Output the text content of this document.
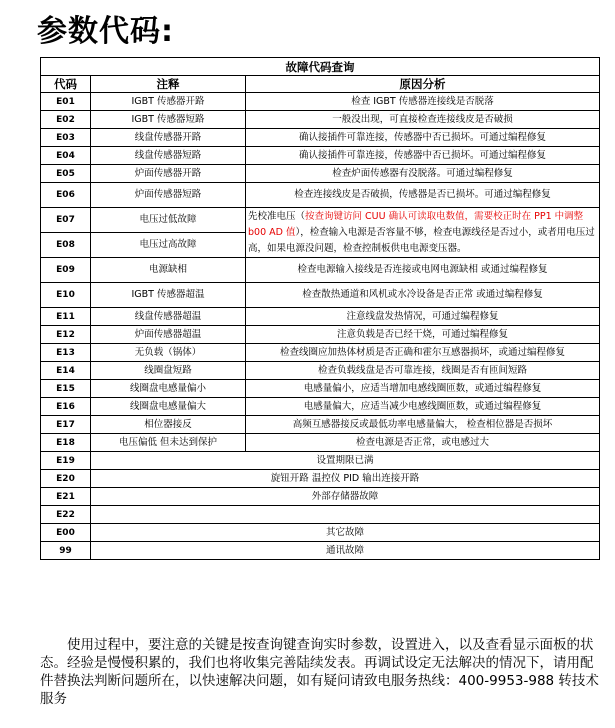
参数代码:
故障代码查询		
代码	注释	原因分析
E01	IGBT 传感器开路	检查 IGBT 传感器连接线是否脱落
E02	IGBT 传感器短路	一般没出现，可直接检查连接线皮是否破损
E03	线盘传感器开路	确认接插件可靠连接，传感器中否已损坏。可通过编程修复
E04	线盘传感器短路	确认接插件可靠连接，传感器中否已损坏。可通过编程修复
E05	炉面传感器开路	检查炉面传感器有没脱落。可通过编程修复
E06	炉面传感器短路	检查连接线皮是否破损，传感器是否已损坏。可通过编程修复
E07	电压过低故障	先校准电压（按查询键访问 CUU 确认可读取电数值，需要校正时在 PP1 中调整 b00 AD 值），检查输入电源是否容量不够，检查电源线径是否过小，或者用电压过高，如果电源没问题，检查控制板供电电源变压器。
E08	电压过高故障	
E09	电源缺相	检查电源输入接线是否连接或电网电源缺相 或通过编程修复
E10	IGBT 传感器超温	检查散热通道和风机或水冷设备是否正常 或通过编程修复
E11	线盘传感器超温	注意线盘发热情况，可通过编程修复
E12	炉面传感器超温	注意负载是否已经干烧，可通过编程修复
E13	无负载（锅体）	检查线圈应加热体材质是否正确和霍尔互感器损坏，或通过编程修复
E14	线圈盘短路	检查负载线盘是否可靠连接，线圈是否有匝间短路
E15	线圈盘电感量偏小	电感量偏小，应适当增加电感线圈匝数，或通过编程修复
E16	线圈盘电感量偏大	电感量偏大，应适当减少电感线圈匝数，或通过编程修复
E17	相位器接反	高频互感器接反或最低功率电感量偏大， 检查相位器是否损坏
E18	电压偏低 但未达到保护	检查电源是否正常，或电感过大
E19	设置期限已满	
E20	旋钮开路 温控仪 PID 输出连接开路	
E21	外部存储器故障	
E22		
E00	其它故障	
99	通讯故障	

使用过程中，要注意的关键是按查询键查询实时参数，设置进入，以及查看显示面板的状态。经验是慢慢积累的，我们也将收集完善陆续发表。再调试设定无法解决的情况下，请用配件替换法判断问题所在，以快速解决问题，如有疑问请致电服务热线：400-9953-988 转技术服务
